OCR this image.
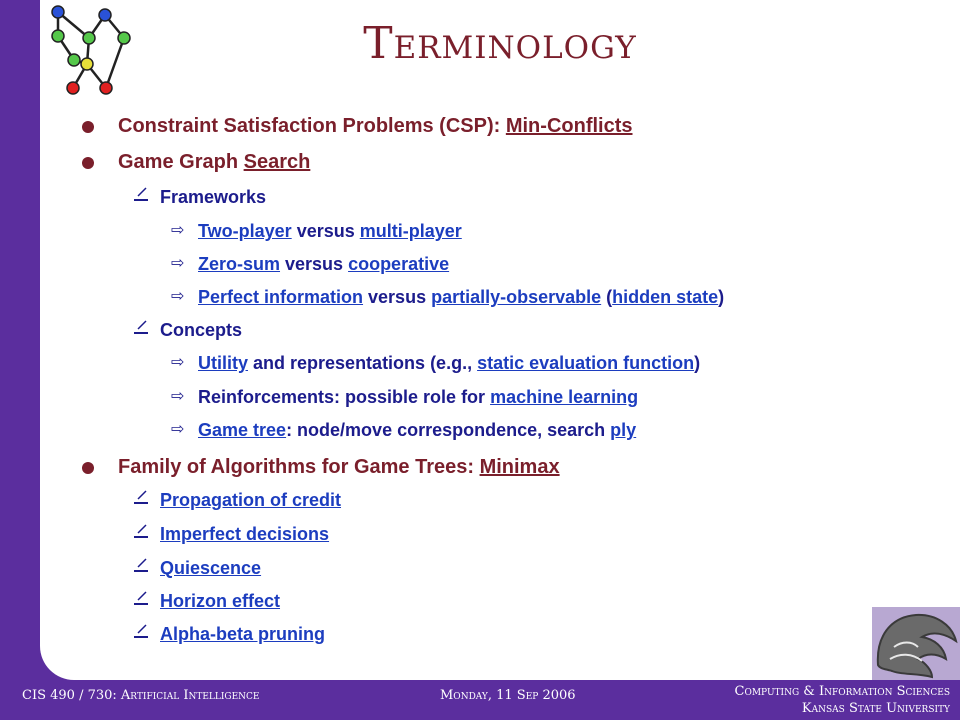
Terminology
Constraint Satisfaction Problems (CSP): Min-Conflicts
Game Graph Search
Frameworks
⇨ Two-player versus multi-player
⇨ Zero-sum versus cooperative
⇨ Perfect information versus partially-observable (hidden state)
Concepts
⇨ Utility and representations (e.g., static evaluation function)
⇨ Reinforcements: possible role for machine learning
⇨ Game tree: node/move correspondence, search ply
Family of Algorithms for Game Trees: Minimax
Propagation of credit
Imperfect decisions
Quiescence
Horizon effect
Alpha-beta pruning
CIS 490 / 730: Artificial Intelligence	Monday, 11 Sep 2006	Computing & Information Sciences
Kansas State University
